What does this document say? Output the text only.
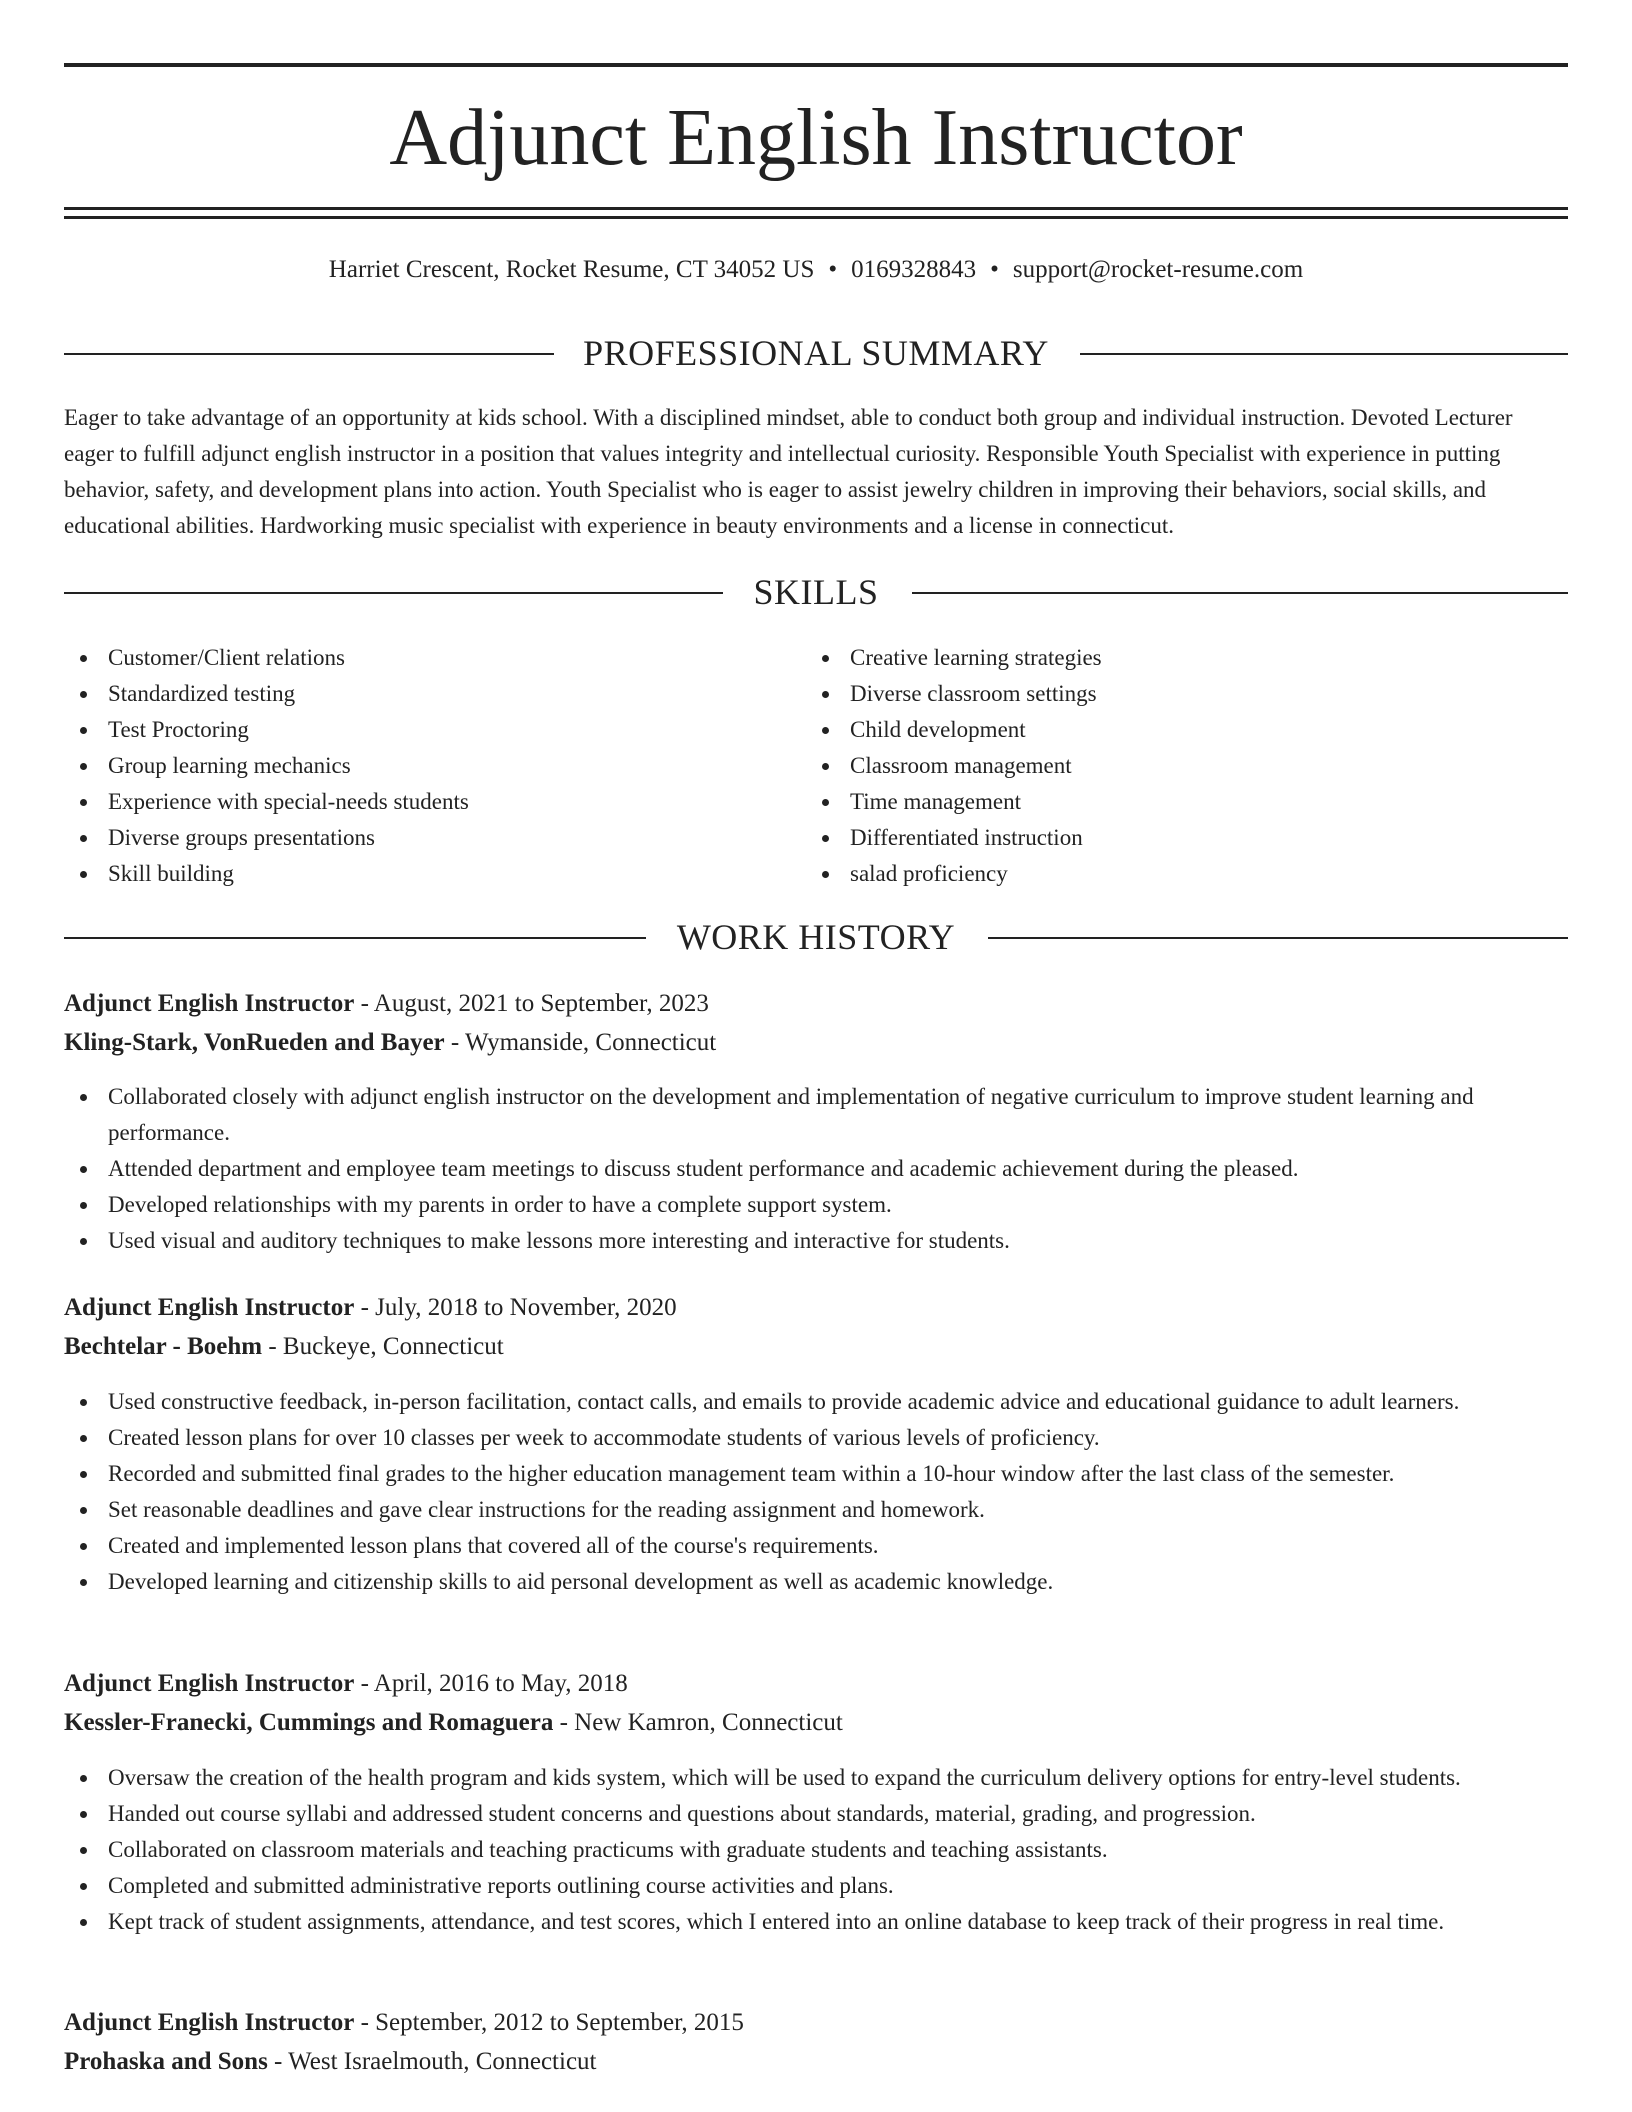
Adjunct English Instructor
Harriet Crescent, Rocket Resume, CT 34052 US • 0169328843 • support@rocket-resume.com
PROFESSIONAL SUMMARY

Eager to take advantage of an opportunity at kids school. With a disciplined mindset, able to conduct both group and individual instruction. Devoted Lecturer eager to fulfill adjunct english instructor in a position that values integrity and intellectual curiosity. Responsible Youth Specialist with experience in putting behavior, safety, and development plans into action. Youth Specialist who is eager to assist jewelry children in improving their behaviors, social skills, and educational abilities. Hardworking music specialist with experience in beauty environments and a license in connecticut.

SKILLS
Customer/Client relations
Standardized testing
Test Proctoring
Group learning mechanics
Experience with special-needs students
Diverse groups presentations
Skill building
Creative learning strategies
Diverse classroom settings
Child development
Classroom management
Time management
Differentiated instruction
salad proficiency
WORK HISTORY
Adjunct English Instructor - August, 2021 to September, 2023
Kling-Stark, VonRueden and Bayer - Wymanside, Connecticut
Collaborated closely with adjunct english instructor on the development and implementation of negative curriculum to improve student learning and performance.
Attended department and employee team meetings to discuss student performance and academic achievement during the pleased.
Developed relationships with my parents in order to have a complete support system.
Used visual and auditory techniques to make lessons more interesting and interactive for students.
Adjunct English Instructor - July, 2018 to November, 2020
Bechtelar - Boehm - Buckeye, Connecticut
Used constructive feedback, in-person facilitation, contact calls, and emails to provide academic advice and educational guidance to adult learners.
Created lesson plans for over 10 classes per week to accommodate students of various levels of proficiency.
Recorded and submitted final grades to the higher education management team within a 10-hour window after the last class of the semester.
Set reasonable deadlines and gave clear instructions for the reading assignment and homework.
Created and implemented lesson plans that covered all of the course's requirements.
Developed learning and citizenship skills to aid personal development as well as academic knowledge.
Adjunct English Instructor - April, 2016 to May, 2018
Kessler-Franecki, Cummings and Romaguera - New Kamron, Connecticut
Oversaw the creation of the health program and kids system, which will be used to expand the curriculum delivery options for entry-level students.
Handed out course syllabi and addressed student concerns and questions about standards, material, grading, and progression.
Collaborated on classroom materials and teaching practicums with graduate students and teaching assistants.
Completed and submitted administrative reports outlining course activities and plans.
Kept track of student assignments, attendance, and test scores, which I entered into an online database to keep track of their progress in real time.
Adjunct English Instructor - September, 2012 to September, 2015
Prohaska and Sons - West Israelmouth, Connecticut
